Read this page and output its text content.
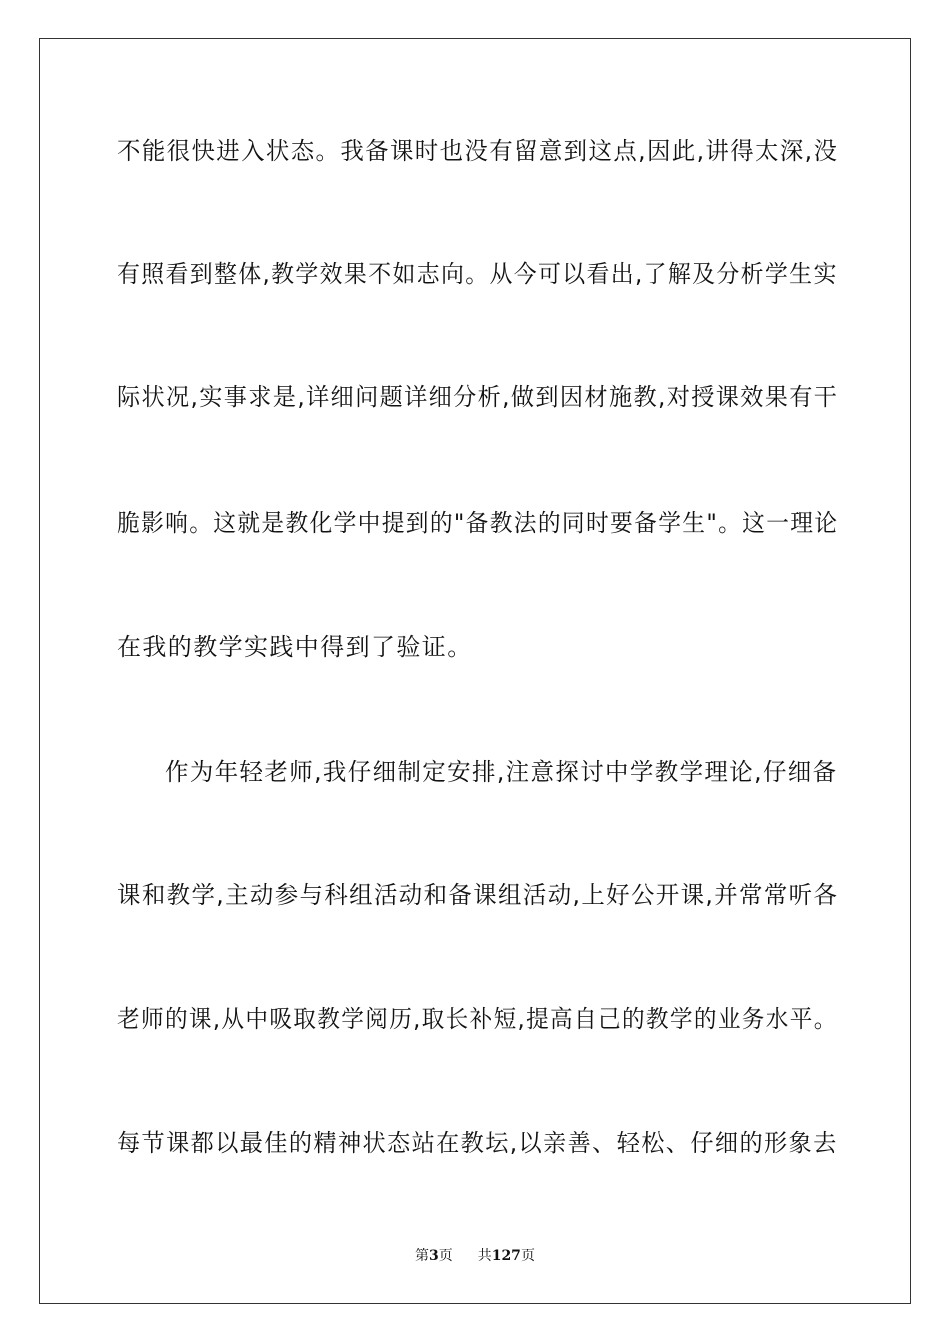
不能很快进入状态。我备课时也没有留意到这点,因此,讲得太深,没
有照看到整体,教学效果不如志向。从今可以看出,了解及分析学生实
际状况,实事求是,详细问题详细分析,做到因材施教,对授课效果有干
脆影响。这就是教化学中提到的"备教法的同时要备学生"。这一理论
在我的教学实践中得到了验证。
作为年轻老师,我仔细制定安排,注意探讨中学教学理论,仔细备
课和教学,主动参与科组活动和备课组活动,上好公开课,并常常听各
老师的课,从中吸取教学阅历,取长补短,提高自己的教学的业务水平。
每节课都以最佳的精神状态站在教坛,以亲善、轻松、仔细的形象去
第3页 共127页
